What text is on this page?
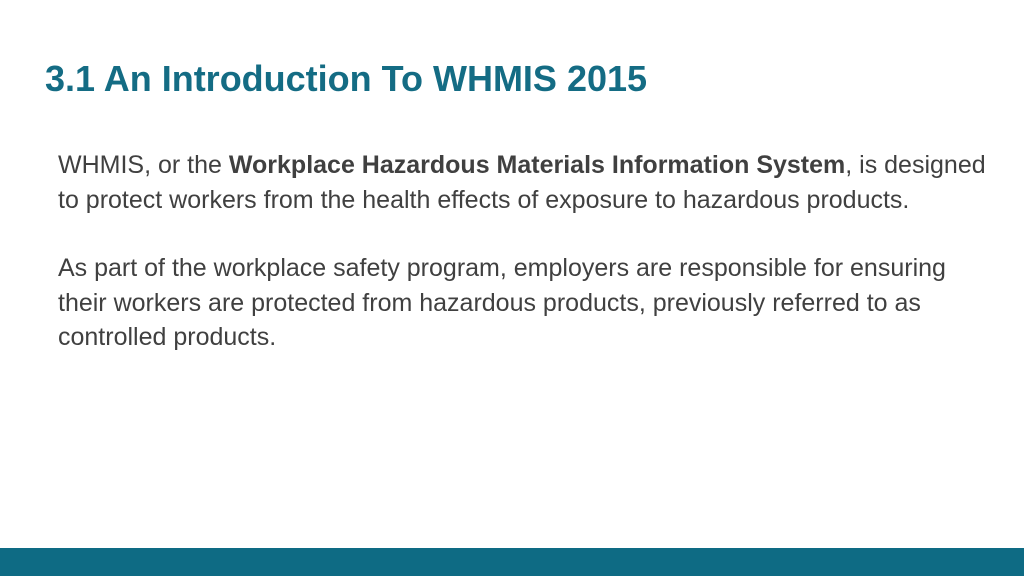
3.1 An Introduction To WHMIS 2015

WHMIS, or the Workplace Hazardous Materials Information System, is designed to protect workers from the health effects of exposure to hazardous products.

As part of the workplace safety program, employers are responsible for ensuring their workers are protected from hazardous products, previously referred to as controlled products.
